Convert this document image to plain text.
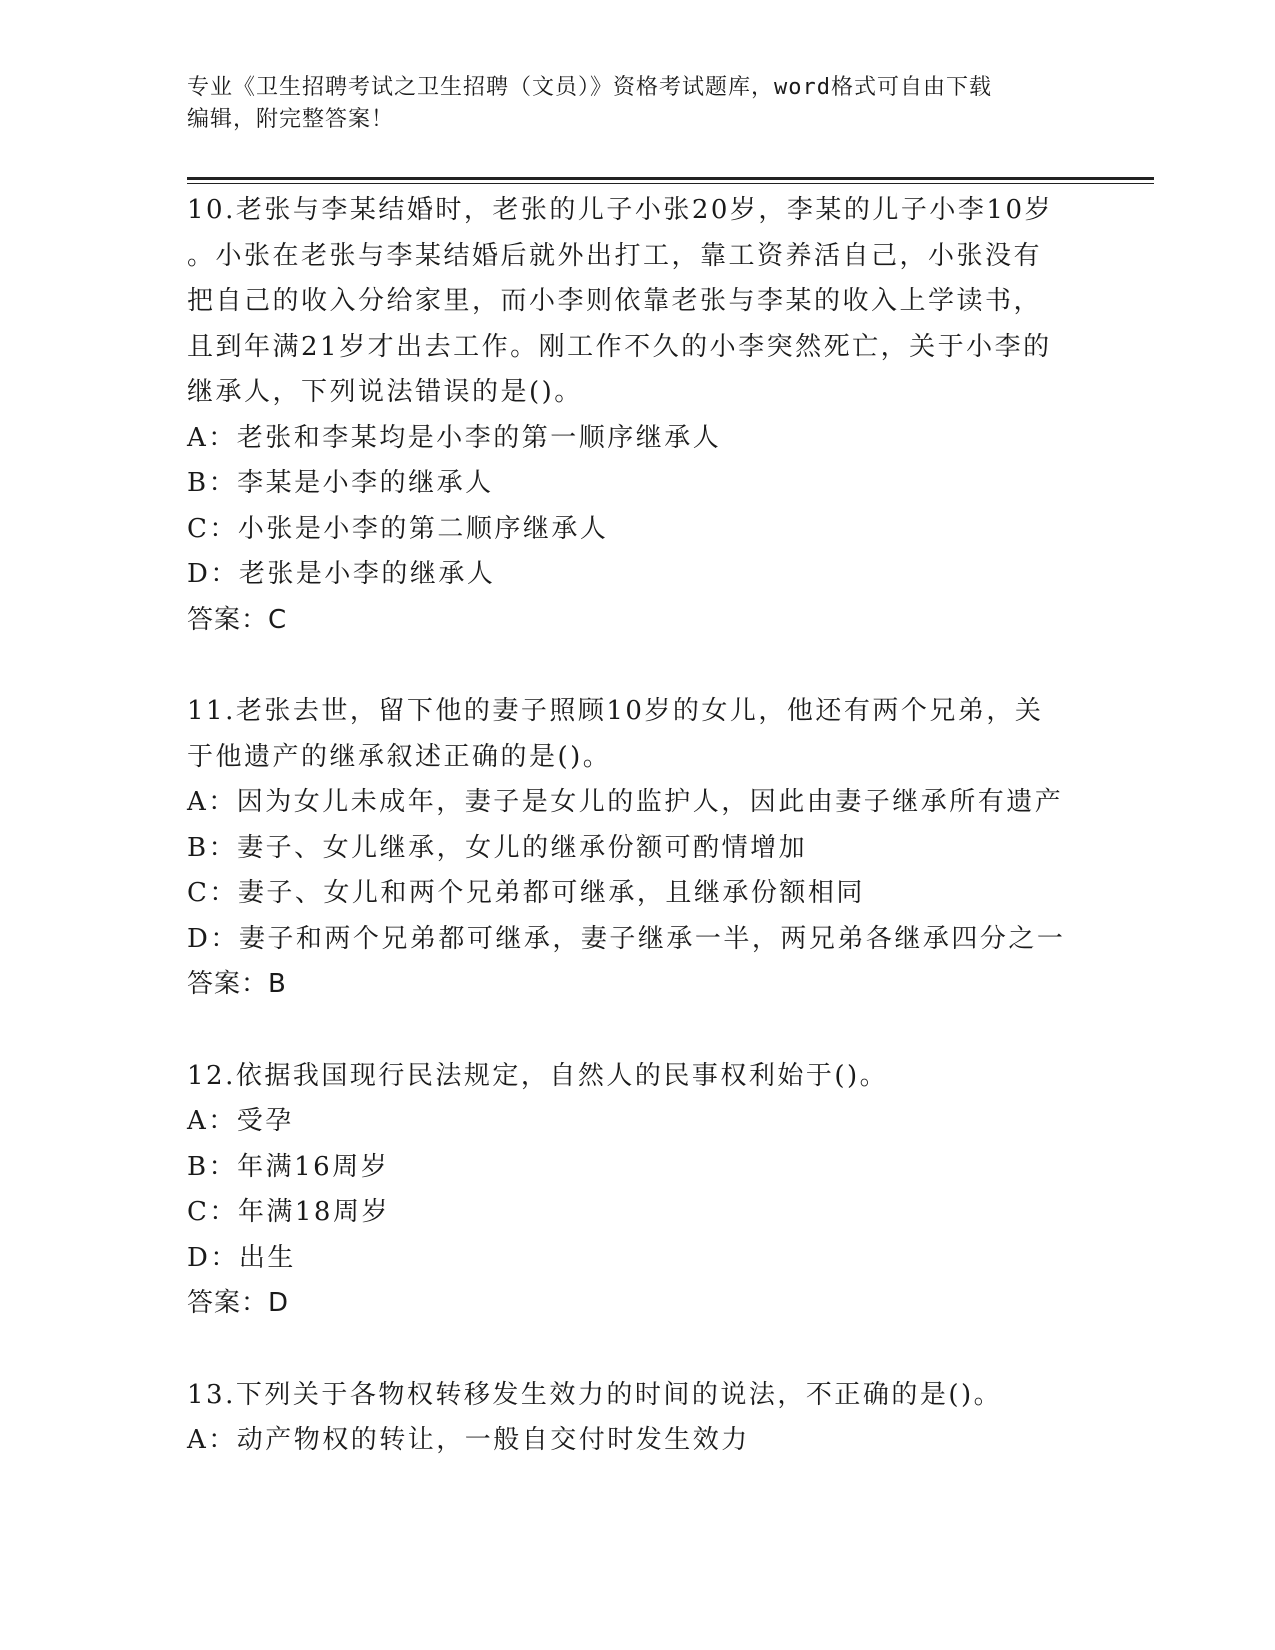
专业《卫生招聘考试之卫生招聘（文员）》资格考试题库，word格式可自由下载
编辑，附完整答案！
10.老张与李某结婚时，老张的儿子小张20岁，李某的儿子小李10岁
。小张在老张与李某结婚后就外出打工，靠工资养活自己，小张没有
把自己的收入分给家里，而小李则依靠老张与李某的收入上学读书，
且到年满21岁才出去工作。刚工作不久的小李突然死亡，关于小李的
继承人，下列说法错误的是()。
A：老张和李某均是小李的第一顺序继承人
B：李某是小李的继承人
C：小张是小李的第二顺序继承人
D：老张是小李的继承人
答案：C
11.老张去世，留下他的妻子照顾10岁的女儿，他还有两个兄弟，关
于他遗产的继承叙述正确的是()。
A：因为女儿未成年，妻子是女儿的监护人，因此由妻子继承所有遗产
B：妻子、女儿继承，女儿的继承份额可酌情增加
C：妻子、女儿和两个兄弟都可继承，且继承份额相同
D：妻子和两个兄弟都可继承，妻子继承一半，两兄弟各继承四分之一
答案：B
12.依据我国现行民法规定，自然人的民事权利始于()。
A：受孕
B：年满16周岁
C：年满18周岁
D：出生
答案：D
13.下列关于各物权转移发生效力的时间的说法，不正确的是()。
A：动产物权的转让，一般自交付时发生效力
